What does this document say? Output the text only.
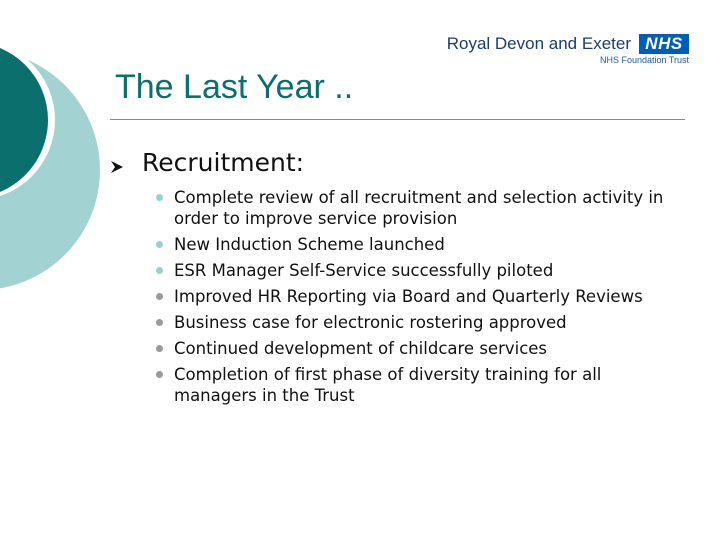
Royal Devon and Exeter NHS
NHS Foundation Trust
The Last Year ..
Recruitment:
Complete review of all recruitment and selection activity in order to improve service provision
New Induction Scheme launched
ESR Manager Self-Service successfully piloted
Improved HR Reporting via Board and Quarterly Reviews
Business case for electronic rostering approved
Continued development of childcare services
Completion of first phase of diversity training for all managers in the Trust
